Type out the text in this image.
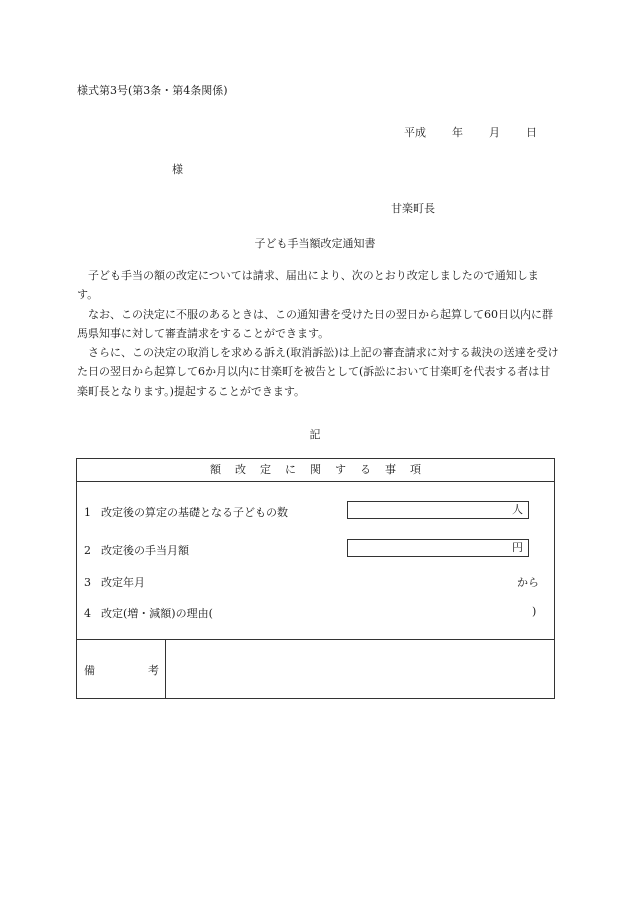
様式第3号(第3条・第4条関係)
平成 年 月 日
様
甘楽町長
子ども手当額改定通知書

子ども手当の額の改定については請求、届出により、次のとおり改定しましたので通知します。

なお、この決定に不服のあるときは、この通知書を受けた日の翌日から起算して60日以内に群馬県知事に対して審査請求をすることができます。

さらに、この決定の取消しを求める訴え(取消訴訟)は上記の審査請求に対する裁決の送達を受けた日の翌日から起算して6か月以内に甘楽町を被告として(訴訟において甘楽町を代表する者は甘楽町長となります。)提起することができます。

記
額改定に関する事項
1 改定後の算定の基礎となる子どもの数	人
2 改定後の手当月額	円
3 改定年月	から
4 改定(増・減額)の理由(	)
備	考
